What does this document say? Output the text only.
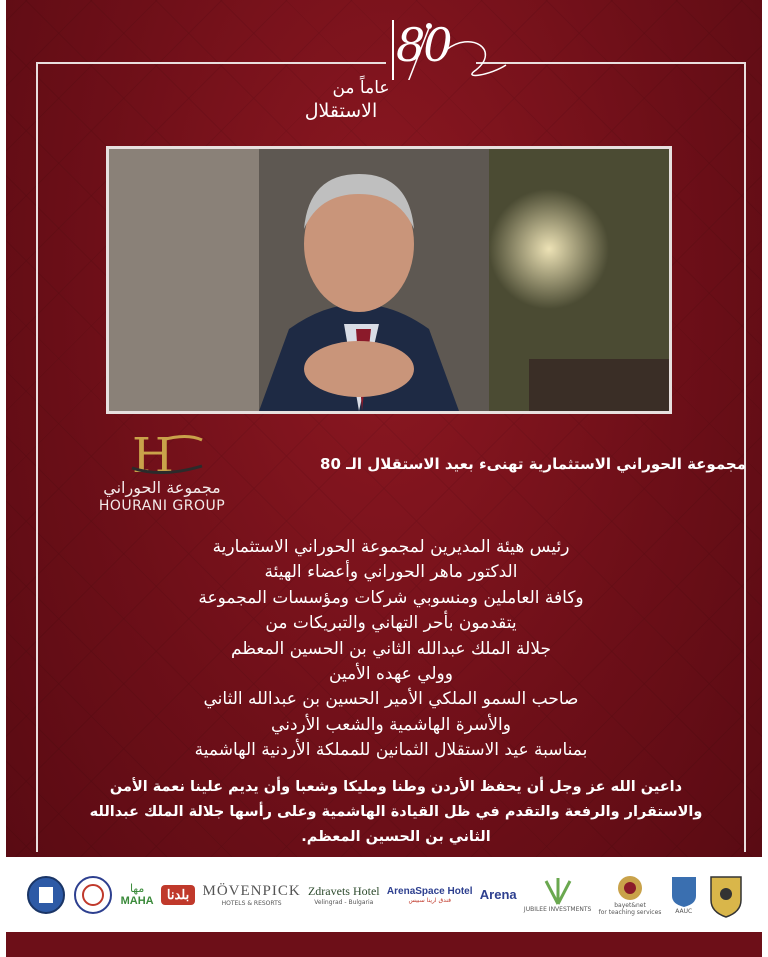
80
عاماً من
الاستقلال
H
مجموعة الحوراني
HOURANI GROUP
مجموعة الحوراني الاستثمارية تهنىء بعيد الاستقلال الـ 80
رئيس هيئة المديرين لمجموعة الحوراني الاستثمارية
الدكتور ماهر الحوراني وأعضاء الهيئة
وكافة العاملين ومنسوبي شركات ومؤسسات المجموعة
يتقدمون بأحر التهاني والتبريكات من
جلالة الملك عبدالله الثاني بن الحسين المعظم
وولي عهده الأمين
صاحب السمو الملكي الأمير الحسين بن عبدالله الثاني
والأسرة الهاشمية والشعب الأردني
بمناسبة عيد الاستقلال الثمانين للمملكة الأردنية الهاشمية
داعين الله عز وجل أن يحفظ الأردن وطنا ومليكا وشعبا وأن يديم علينا نعمة الأمن والاستقرار والرفعة والتقدم في ظل القيادة الهاشمية وعلى رأسها جلالة الملك عبدالله الثاني بن الحسين المعظم.
AAUC
bayet&net
for teaching services
JUBILEE INVESTMENTS
Arena
ArenaSpace Hotel
فندق ارينا سبيس
Zdravets Hotel
Velingrad - Bulgaria
MÖVENPICK
HOTELS & RESORTS
بلدنا
مها
MAHA
